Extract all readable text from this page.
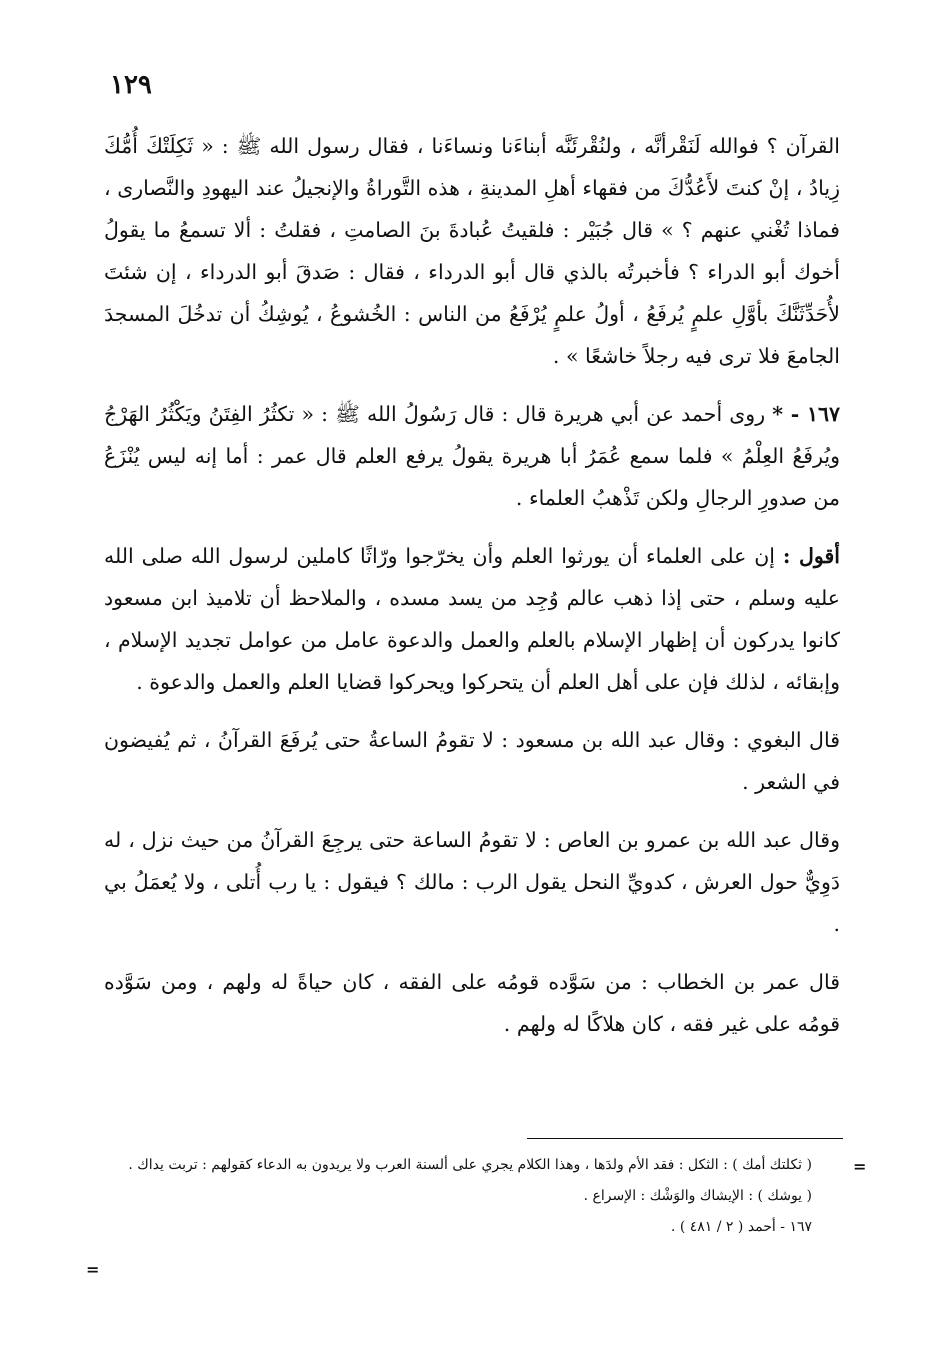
١٢٩

القرآن ؟ فوالله لَنَقْرأنَّه ، ولنُقْرئَنَّه أبناءَنا ونساءَنا ، فقال رسول الله ﷺ : « ثَكِلَتْكَ أُمُّكَ زِيادُ ، إنْ كنتَ لأَعُدُّكَ من فقهاء أهلِ المدينةِ ، هذه التَّوراةُ والإنجيلُ عند اليهودِ والنَّصارى ، فماذا تُغْني عنهم ؟ » قال جُبَيْر : فلقيتُ عُبادةَ بنَ الصامتِ ، فقلتُ : ألا تسمعُ ما يقولُ أخوك أبو الدراء ؟ فأخبرتُه بالذي قال أبو الدرداء ، فقال : صَدقَ أبو الدرداء ، إن شئتَ لأُحَدِّثَنَّكَ بأوَّلِ علمٍ يُرفَعُ ، أولُ علمٍ يُرْفَعُ من الناس : الخُشوعُ ، يُوشِكُ أن تدخُلَ المسجدَ الجامعَ فلا ترى فيه رجلاً خاشعًا » .

١٦٧ - * روى أحمد عن أبي هريرة قال : قال رَسُولُ الله ﷺ : « تكثُرُ الفِتَنُ ويَكْثُرُ الهَرْجُ ويُرفَعُ العِلْمُ » فلما سمع عُمَرُ أبا هريرة يقولُ يرفع العلم قال عمر : أما إنه ليس يُنْزَعُ من صدورِ الرجالِ ولكن تَذْهبُ العلماء .

أقول : إن على العلماء أن يورثوا العلم وأن يخرّجوا ورّاثًا كاملين لرسول الله صلى الله عليه وسلم ، حتى إذا ذهب عالم وُجِد من يسد مسده ، والملاحظ أن تلاميذ ابن مسعود كانوا يدركون أن إظهار الإسلام بالعلم والعمل والدعوة عامل من عوامل تجديد الإسلام ، وإبقائه ، لذلك فإن على أهل العلم أن يتحركوا ويحركوا قضايا العلم والعمل والدعوة .

قال البغوي : وقال عبد الله بن مسعود : لا تقومُ الساعةُ حتى يُرفَعَ القرآنُ ، ثم يُفيضون في الشعر .

وقال عبد الله بن عمرو بن العاص : لا تقومُ الساعة حتى يرجِعَ القرآنُ من حيث نزل ، له دَوِيٌّ حول العرش ، كدويِّ النحل يقول الرب : مالك ؟ فيقول : يا رب أُتلى ، ولا يُعمَلُ بي .

قال عمر بن الخطاب : من سَوَّده قومُه على الفقه ، كان حياةً له ولهم ، ومن سَوَّده قومُه على غير فقه ، كان هلاكًا له ولهم .

=

( ثكلتك أمك ) : الثكل : فقد الأم ولدَها ، وهذا الكلام يجري على ألسنة العرب ولا يريدون به الدعاء كقولهم : تربت يداك .

( يوشك ) : الإيشاك والوَشْك : الإسراع .

١٦٧ - أحمد ( ٢ / ٤٨١ ) .

=
